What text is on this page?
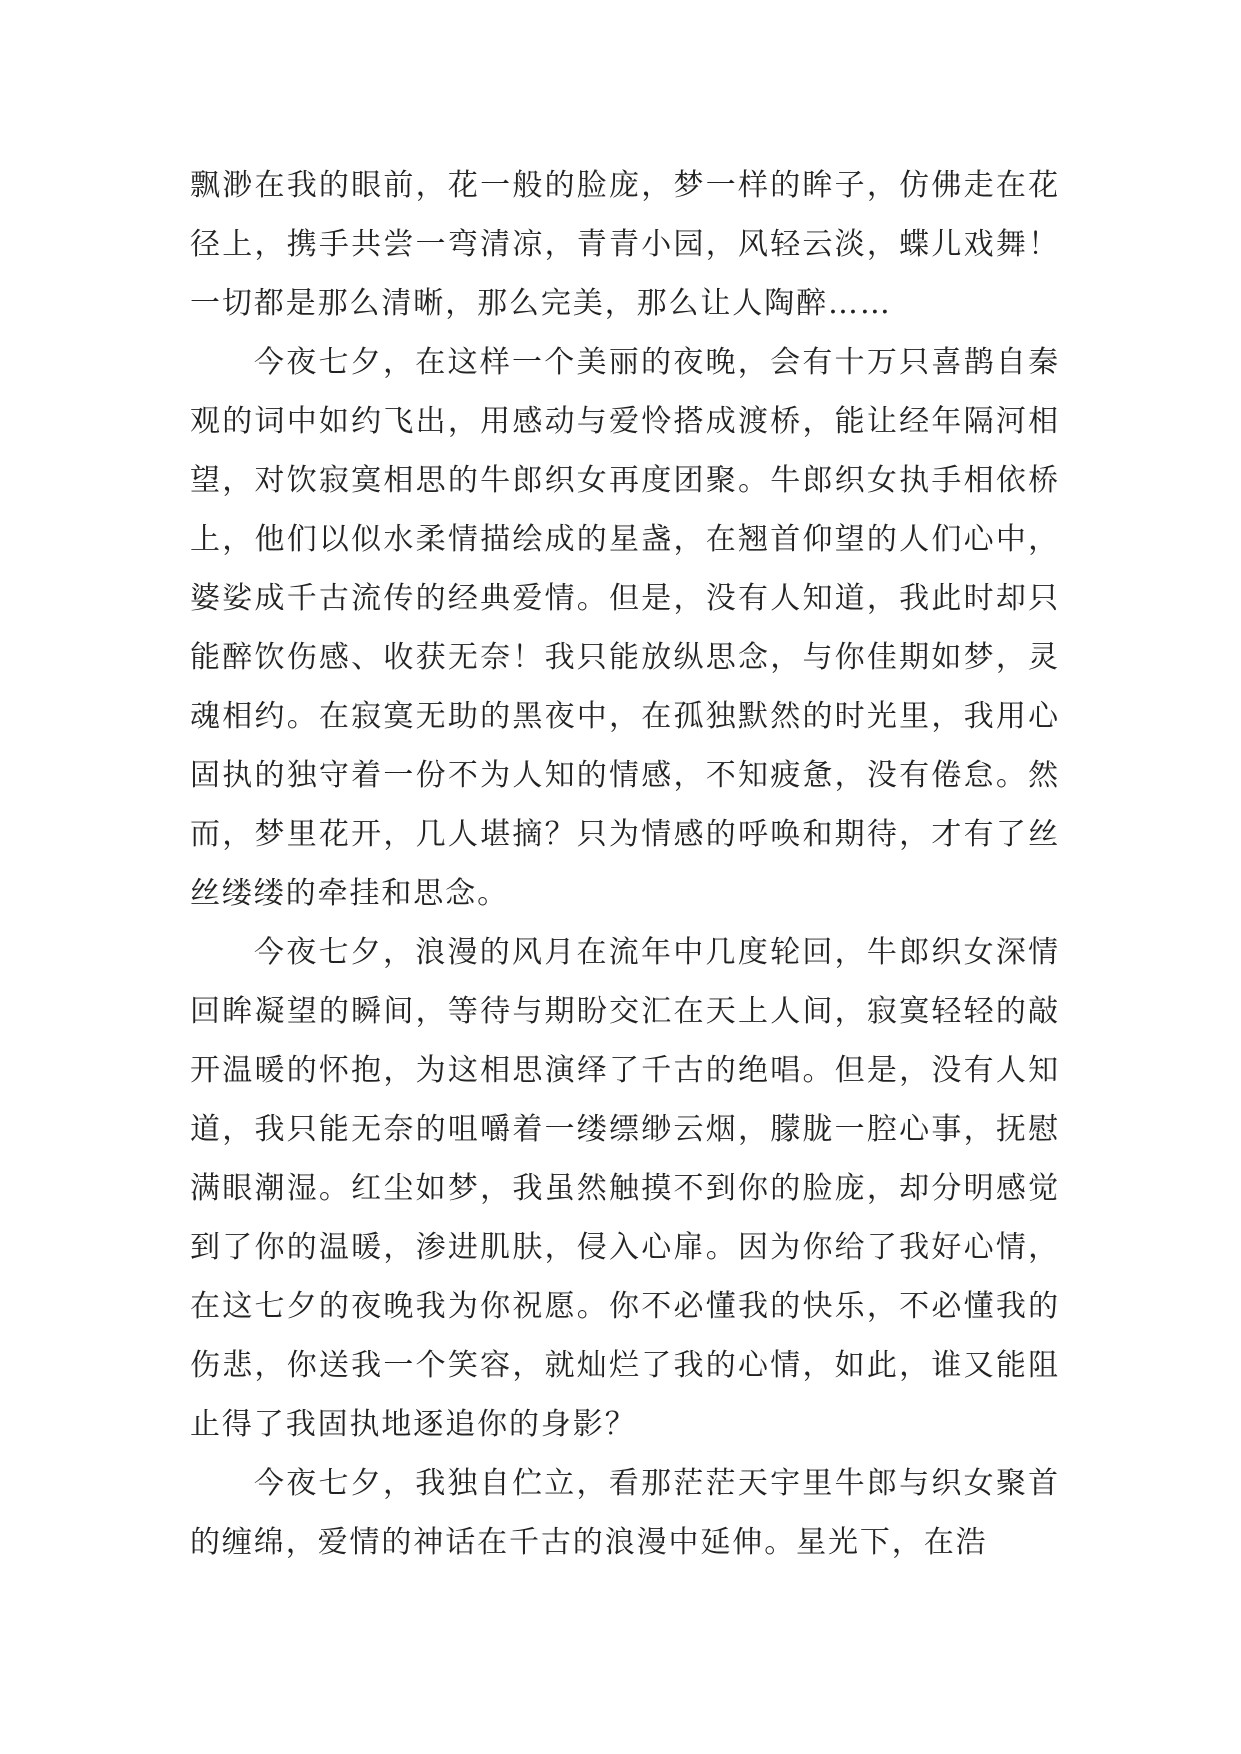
飘渺在我的眼前，花一般的脸庞，梦一样的眸子，仿佛走在花径上，携手共尝一弯清凉，青青小园，风轻云淡，蝶儿戏舞！一切都是那么清晰，那么完美，那么让人陶醉……

今夜七夕，在这样一个美丽的夜晚，会有十万只喜鹊自秦观的词中如约飞出，用感动与爱怜搭成渡桥，能让经年隔河相望，对饮寂寞相思的牛郎织女再度团聚。牛郎织女执手相依桥上，他们以似水柔情描绘成的星盏，在翘首仰望的人们心中，婆娑成千古流传的经典爱情。但是，没有人知道，我此时却只能醉饮伤感、收获无奈！我只能放纵思念，与你佳期如梦，灵魂相约。在寂寞无助的黑夜中，在孤独默然的时光里，我用心固执的独守着一份不为人知的情感，不知疲惫，没有倦怠。然而，梦里花开，几人堪摘？只为情感的呼唤和期待，才有了丝丝缕缕的牵挂和思念。

今夜七夕，浪漫的风月在流年中几度轮回，牛郎织女深情回眸凝望的瞬间，等待与期盼交汇在天上人间，寂寞轻轻的敲开温暖的怀抱，为这相思演绎了千古的绝唱。但是，没有人知道，我只能无奈的咀嚼着一缕缥缈云烟，朦胧一腔心事，抚慰满眼潮湿。红尘如梦，我虽然触摸不到你的脸庞，却分明感觉到了你的温暖，渗进肌肤，侵入心扉。因为你给了我好心情，在这七夕的夜晚我为你祝愿。你不必懂我的快乐，不必懂我的伤悲，你送我一个笑容，就灿烂了我的心情，如此，谁又能阻止得了我固执地逐追你的身影？

今夜七夕，我独自伫立，看那茫茫天宇里牛郎与织女聚首的缠绵，爱情的神话在千古的浪漫中延伸。星光下，在浩
